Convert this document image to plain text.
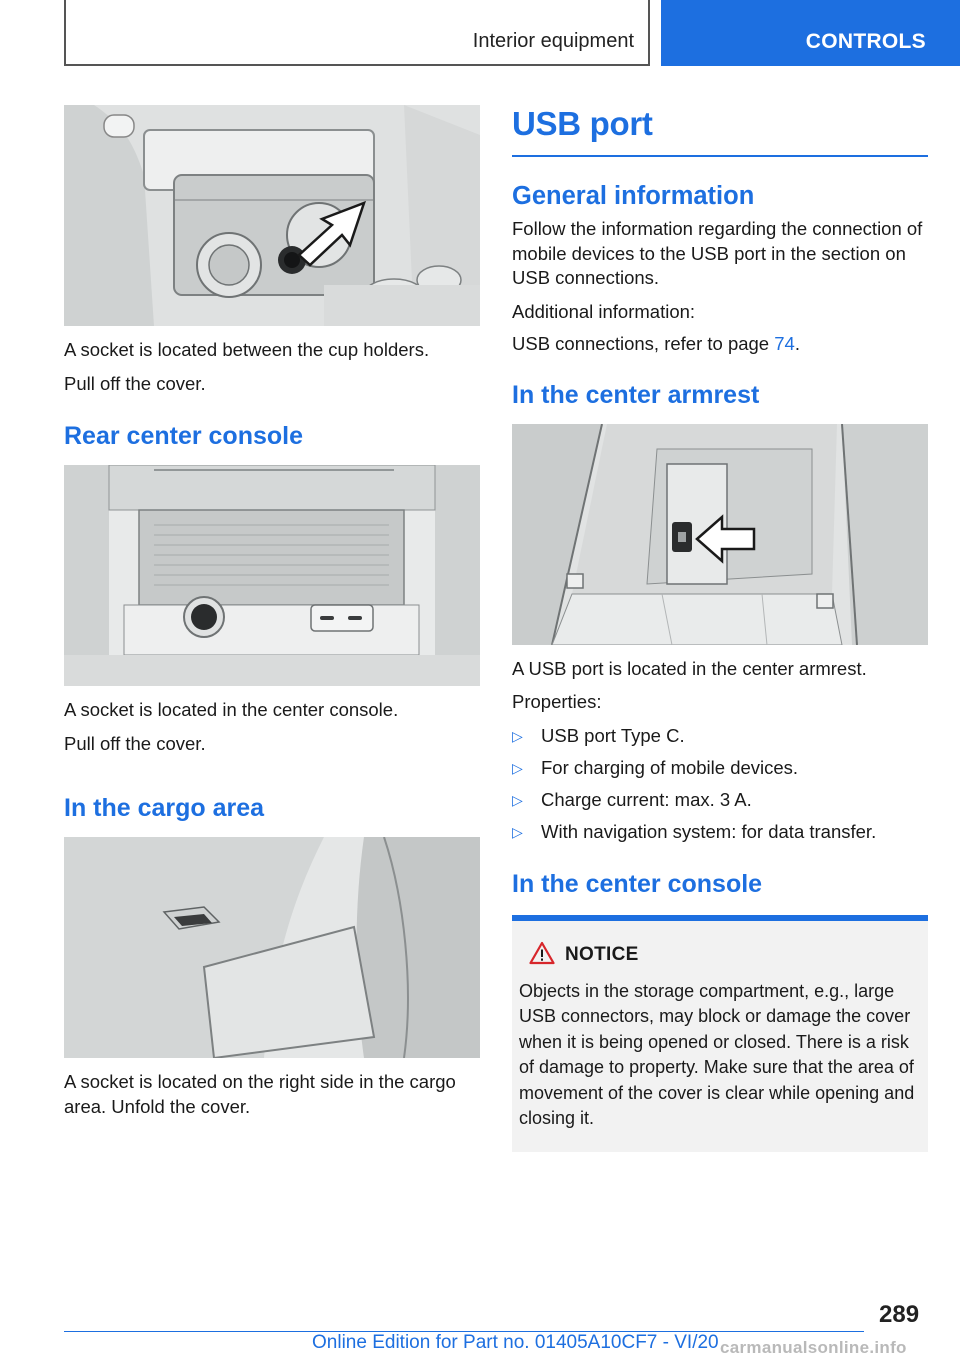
Interior equipment	CONTROLS

A socket is located between the cup holders.

Pull off the cover.

Rear center console

A socket is located in the center console.

Pull off the cover.

In the cargo area

A socket is located on the right side in the cargo area. Unfold the cover.

USB port
General information

Follow the information regarding the connection of mobile devices to the USB port in the section on USB connections.

Additional information:

USB connections, refer to page 74.

In the center armrest

A USB port is located in the center armrest.

Properties:

▷ USB port Type C.
▷ For charging of mobile devices.
▷ Charge current: max. 3 A.
▷ With navigation system: for data transfer.
In the center console
NOTICE

Objects in the storage compartment, e.g., large USB connectors, may block or damage the cover when it is being opened or closed. There is a risk of damage to property. Make sure that the area of movement of the cover is clear while opening and closing it.

289
Online Edition for Part no. 01405A10CF7 - VI/20 carmanualsonline.info
